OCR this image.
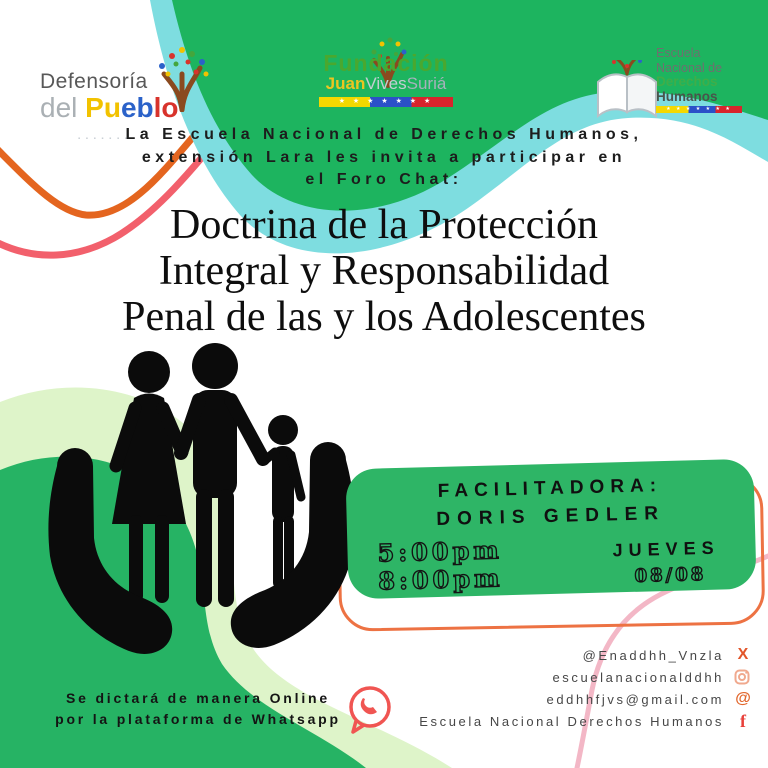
Defensoría
del Pueblo
▪ ▪ ▪ ▪ ▪ ▪ ▪ ▪
Fundación
JuanVivesSuriá
★ ★ ★ ★ ★ ★ ★
Escuela
Nacional de
Derechos
Humanos
★ ★ ★ ★ ★ ★ ★
La Escuela Nacional de Derechos Humanos,
extensión Lara les invita a participar en
el Foro Chat:
Doctrina de la Protección
Integral y Responsabilidad
Penal de las y los Adolescentes
FACILITADORA:
DORIS GEDLER
5:00pm
8:00pm
JUEVES
08/08
Se dictará de manera Online
por la plataforma de Whatsapp
@Enaddhh_Vnzla X
escuelanacionalddhh
eddhhfjvs@gmail.com @
Escuela Nacional Derechos Humanos f
